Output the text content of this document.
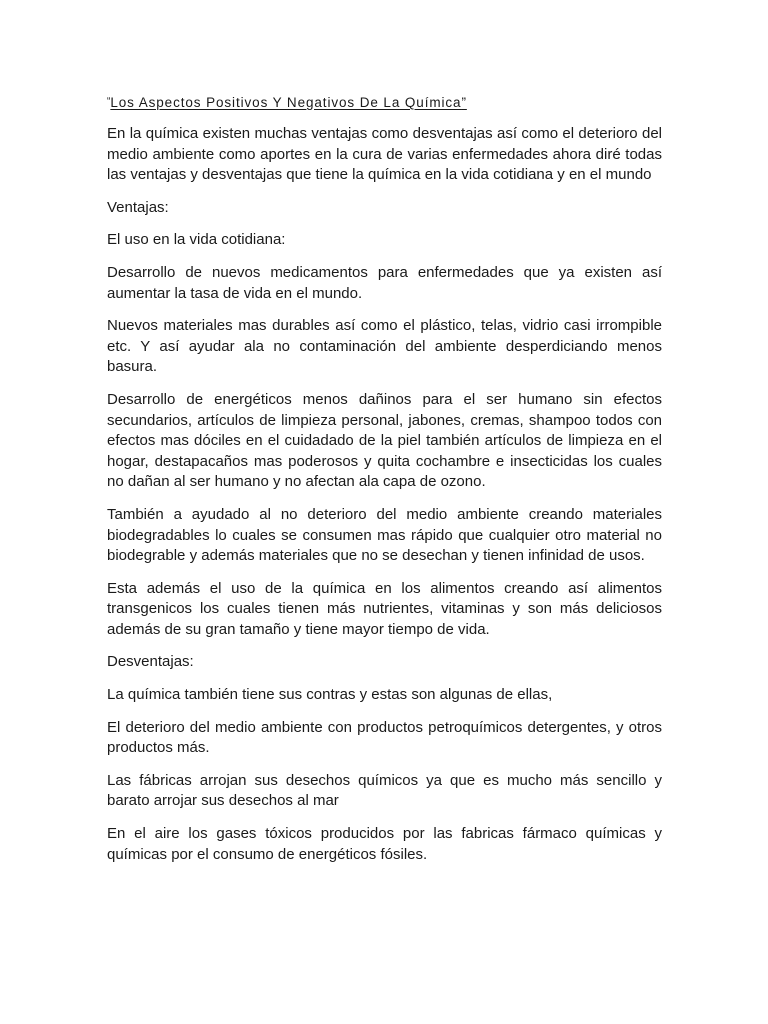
“Los Aspectos Positivos Y Negativos De La Química”

En la química existen muchas ventajas como desventajas así como el deterioro del medio ambiente como aportes en la cura de varias enfermedades ahora diré todas las ventajas y desventajas que tiene la química en la vida cotidiana y en el mundo

Ventajas:

El uso en la vida cotidiana:

Desarrollo de nuevos medicamentos para enfermedades que ya existen así aumentar la tasa de vida en el mundo.

Nuevos materiales mas durables así como el plástico, telas, vidrio casi irrompible etc. Y así ayudar ala no contaminación del ambiente desperdiciando menos basura.

Desarrollo de energéticos menos dañinos para el ser humano sin efectos secundarios, artículos de limpieza personal, jabones, cremas, shampoo todos con efectos mas dóciles en el cuidadado de la piel también artículos de limpieza en el hogar, destapacaños mas poderosos y quita cochambre e insecticidas los cuales no dañan al ser humano y no afectan ala capa de ozono.

También a ayudado al no deterioro del medio ambiente creando materiales biodegradables lo cuales se consumen mas rápido que cualquier otro material no biodegrable y además materiales que no se desechan y tienen infinidad de usos.

Esta además el uso de la química en los alimentos creando así alimentos transgenicos los cuales tienen más nutrientes, vitaminas y son más deliciosos además de su gran tamaño y tiene mayor tiempo de vida.

Desventajas:

La química también tiene sus contras y estas son algunas de ellas,

El deterioro del medio ambiente con productos petroquímicos detergentes, y otros productos más.

Las fábricas arrojan sus desechos químicos ya que es mucho más sencillo y barato arrojar sus desechos al mar

En el aire los gases tóxicos producidos por las fabricas fármaco químicas y químicas por el consumo de energéticos fósiles.
